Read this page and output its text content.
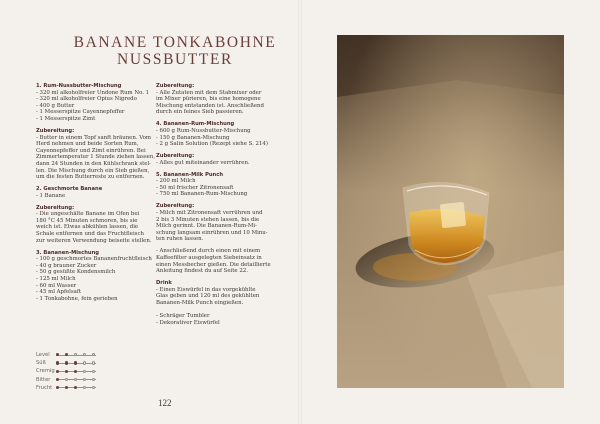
BANANE TONKABOHNE
NUSSBUTTER
1. Rum-Nussbutter-Mischung
- 320 ml alkoholfreier Undone Rum No. 1
- 320 ml alkoholfreier Opius Nigredo
- 400 g Butter
- 1 Messerspitze Cayennepfeffer
- 1 Messerspitze Zimt
Zubereitung:
- Butter in einem Topf sanft bräunen. Vom
Herd nehmen und beide Sorten Rum,
Cayennepfeffer und Zimt einrühren. Bei
Zimmertemperatur 1 Stunde ziehen lassen,
dann 24 Stunden in den Kühlschrank stel-
len. Die Mischung durch ein Sieb gießen,
um die festen Butterreste zu entfernen.
2. Geschmorte Banane
- 1 Banane
Zubereitung:
- Die ungeschälte Banane im Ofen bei
180 °C 45 Minuten schmoren, bis sie
weich ist. Etwas abkühlen lassen, die
Schale entfernen und das Fruchtfleisch
zur weiteren Verwendung beiseite stellen.
3. Bananen-Mischung
- 100 g geschmortes Bananenfruchtfleisch
- 40 g brauner Zucker
- 50 g gesüßte Kondensmilch
- 125 ml Milch
- 60 ml Wasser
- 45 ml Apfelsaft
- 1 Tonkabohne, fein gerieben
Zubereitung:
- Alle Zutaten mit dem Stabmixer oder
im Mixer pürieren, bis eine homogene
Mischung entstanden ist. Anschließend
durch ein feines Sieb passieren.
4. Bananen-Rum-Mischung
- 600 g Rum-Nussbutter-Mischung
- 150 g Bananen-Mischung
- 2 g Salin Solution (Rezept siehe S. 214)
Zubereitung:
- Alles gut miteinander verrühren.
5. Bananen-Milk Punch
- 200 ml Milch
- 50 ml frischer Zitronensaft
- 750 ml Bananen-Rum-Mischung
Zubereitung:
- Milch mit Zitronensaft verrühren und
2 bis 3 Minuten stehen lassen, bis die
Milch gerinnt. Die Bananen-Rum-Mi-
schung langsam einrühren und 10 Minu-
ten ruhen lassen.
- Anschließend durch einen mit einem
Kaffeefilter ausgelegten Siebeinsatz in
einen Messbecher gießen. Die detaillierte
Anleitung findest du auf Seite 22.
Drink
- Einen Eiswürfel in das vorgekühlte
Glas geben und 120 ml des gekühlten
Bananen-Milk Punch eingießen.
- Schräger Tumbler
- Dekorativer Eiswürfel
Level
Süß
Cremig
Bitter
Frucht
122
